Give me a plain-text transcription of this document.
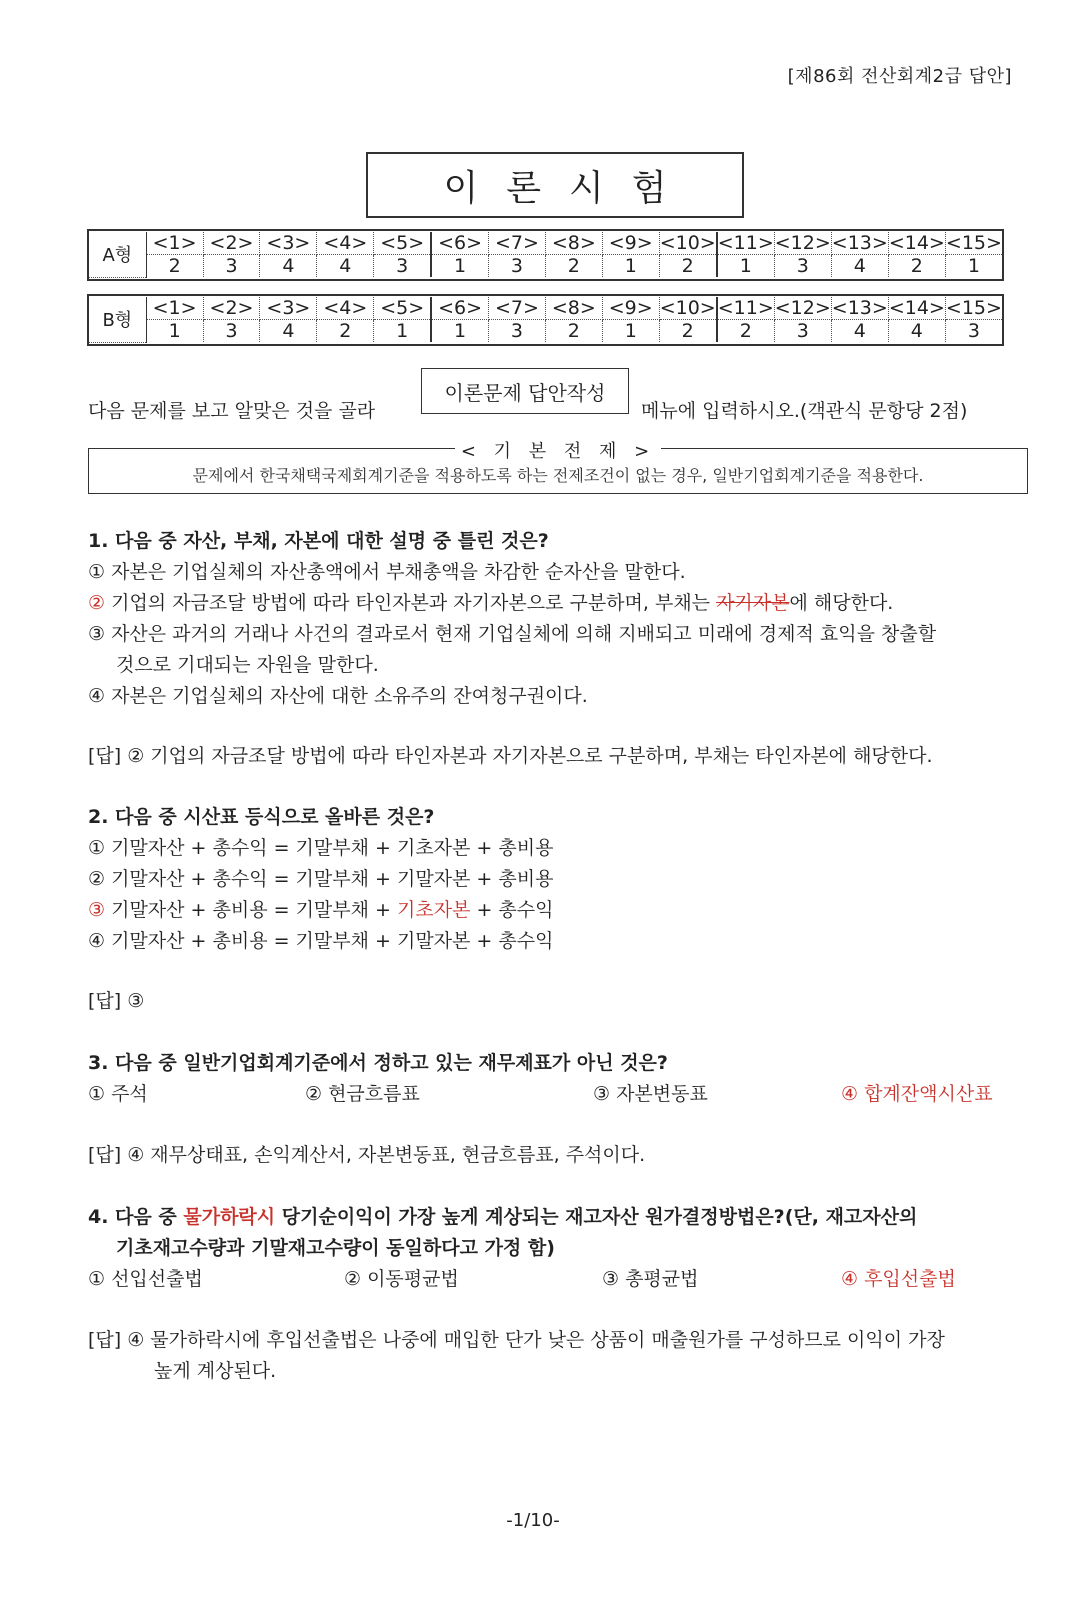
[제86회 전산회계2급 답안]
이론시험
A형	<1>	<2>	<3>	<4>	<5>	<6>	<7>	<8>	<9>	<10>	<11>	<12>	<13>	<14>	<15>
	2	3	4	4	3	1	3	2	1	2	1	3	4	2	1
B형	<1>	<2>	<3>	<4>	<5>	<6>	<7>	<8>	<9>	<10>	<11>	<12>	<13>	<14>	<15>
	1	3	4	2	1	1	3	2	1	2	2	3	4	4	3
다음 문제를 보고 알맞은 것을 골라
이론문제 답안작성
메뉴에 입력하시오.(객관식 문항당 2점)
< 기 본 전 제 >
문제에서 한국채택국제회계기준을 적용하도록 하는 전제조건이 없는 경우, 일반기업회계기준을 적용한다.
1. 다음 중 자산, 부채, 자본에 대한 설명 중 틀린 것은?
① 자본은 기업실체의 자산총액에서 부채총액을 차감한 순자산을 말한다.
② 기업의 자금조달 방법에 따라 타인자본과 자기자본으로 구분하며, 부채는 자기자본에 해당한다.
③ 자산은 과거의 거래나 사건의 결과로서 현재 기업실체에 의해 지배되고 미래에 경제적 효익을 창출할
것으로 기대되는 자원을 말한다.
④ 자본은 기업실체의 자산에 대한 소유주의 잔여청구권이다.
[답] ② 기업의 자금조달 방법에 따라 타인자본과 자기자본으로 구분하며, 부채는 타인자본에 해당한다.
2. 다음 중 시산표 등식으로 올바른 것은?
① 기말자산 + 총수익 = 기말부채 + 기초자본 + 총비용
② 기말자산 + 총수익 = 기말부채 + 기말자본 + 총비용
③ 기말자산 + 총비용 = 기말부채 + 기초자본 + 총수익
④ 기말자산 + 총비용 = 기말부채 + 기말자본 + 총수익
[답] ③
3. 다음 중 일반기업회계기준에서 정하고 있는 재무제표가 아닌 것은?
① 주석	② 현금흐름표	③ 자본변동표	④ 합계잔액시산표
[답] ④ 재무상태표, 손익계산서, 자본변동표, 현금흐름표, 주석이다.
4. 다음 중 물가하락시 당기순이익이 가장 높게 계상되는 재고자산 원가결정방법은?(단, 재고자산의
기초재고수량과 기말재고수량이 동일하다고 가정 함)
① 선입선출법	② 이동평균법	③ 총평균법	④ 후입선출법
[답] ④ 물가하락시에 후입선출법은 나중에 매입한 단가 낮은 상품이 매출원가를 구성하므로 이익이 가장
높게 계상된다.
-1/10-
